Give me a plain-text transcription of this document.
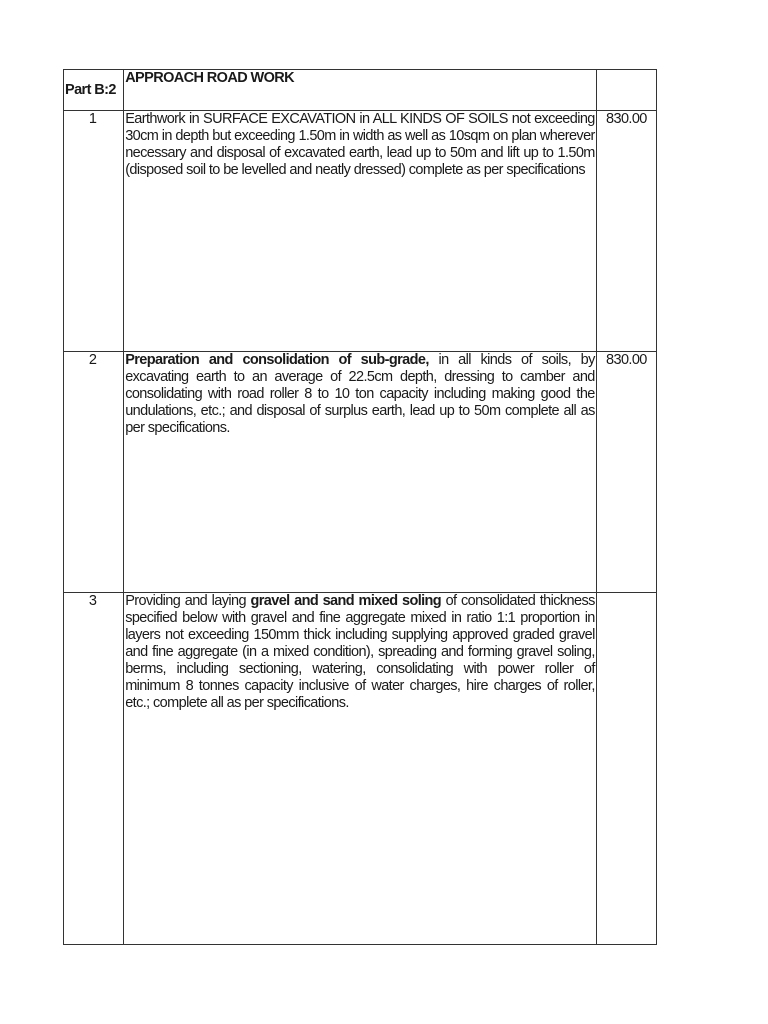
Part B:2	APPROACH ROAD WORK	
1	Earthwork in SURFACE EXCAVATION in ALL KINDS OF SOILS not exceeding 30cm in depth but exceeding 1.50m in width as well as 10sqm on plan wherever necessary and disposal of excavated earth, lead up to 50m and lift up to 1.50m (disposed soil to be levelled and neatly dressed) complete as per specifications	830.00
2	Preparation and consolidation of sub-grade, in all kinds of soils, by excavating earth to an average of 22.5cm depth, dressing to camber and consolidating with road roller 8 to 10 ton capacity including making good the undulations, etc.; and disposal of surplus earth, lead up to 50m complete all as per specifications.	830.00
3	Providing and laying gravel and sand mixed soling of consolidated thickness specified below with gravel and fine aggregate mixed in ratio 1:1 proportion in layers not exceeding 150mm thick including supplying approved graded gravel and fine aggregate (in a mixed condition), spreading and forming gravel soling, berms, including sectioning, watering, consolidating with power roller of minimum 8 tonnes capacity inclusive of water charges, hire charges of roller, etc.; complete all as per specifications.	
